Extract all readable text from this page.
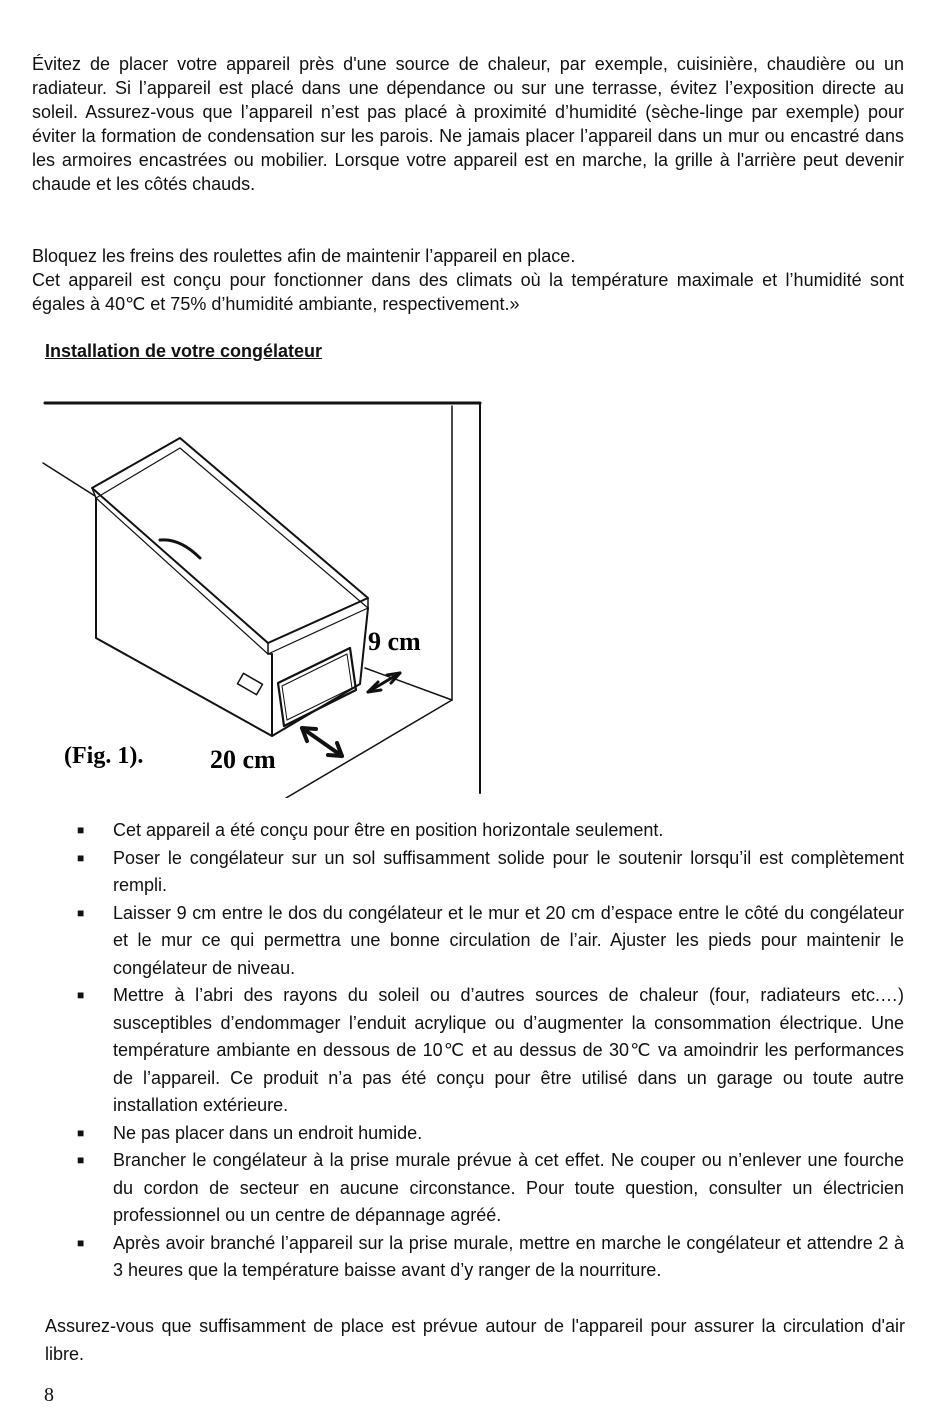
Évitez de placer votre appareil près d'une source de chaleur, par exemple, cuisinière, chaudière ou un radiateur. Si l’appareil est placé dans une dépendance ou sur une terrasse, évitez l’exposition directe au soleil. Assurez-vous que l’appareil n’est pas placé à proximité d’humidité (sèche-linge par exemple) pour éviter la formation de condensation sur les parois. Ne jamais placer l’appareil dans un mur ou encastré dans les armoires encastrées ou mobilier. Lorsque votre appareil est en marche, la grille à l'arrière peut devenir chaude et les côtés chauds.

Bloquez les freins des roulettes afin de maintenir l’appareil en place.
Cet appareil est conçu pour fonctionner dans des climats où la température maximale et l’humidité sont égales à 40℃ et 75% d’humidité ambiante, respectivement.»
Installation de votre congélateur
9 cm
20 cm
(Fig. 1).
■ Cet appareil a été conçu pour être en position horizontale seulement.
■ Poser le congélateur sur un sol suffisamment solide pour le soutenir lorsqu’il est complètement rempli.
■ Laisser 9 cm entre le dos du congélateur et le mur et 20 cm d’espace entre le côté du congélateur et le mur ce qui permettra une bonne circulation de l’air. Ajuster les pieds pour maintenir le congélateur de niveau.
■ Mettre à l’abri des rayons du soleil ou d’autres sources de chaleur (four, radiateurs etc.…) susceptibles d’endommager l’enduit acrylique ou d’augmenter la consommation électrique. Une température ambiante en dessous de 10℃ et au dessus de 30℃ va amoindrir les performances de l’appareil. Ce produit n’a pas été conçu pour être utilisé dans un garage ou toute autre installation extérieure.
■ Ne pas placer dans un endroit humide.
■ Brancher le congélateur à la prise murale prévue à cet effet. Ne couper ou n’enlever une fourche du cordon de secteur en aucune circonstance. Pour toute question, consulter un électricien professionnel ou un centre de dépannage agréé.
■ Après avoir branché l’appareil sur la prise murale, mettre en marche le congélateur et attendre 2 à 3 heures que la température baisse avant d’y ranger de la nourriture.

Assurez-vous que suffisamment de place est prévue autour de l'appareil pour assurer la circulation d'air libre.

8
